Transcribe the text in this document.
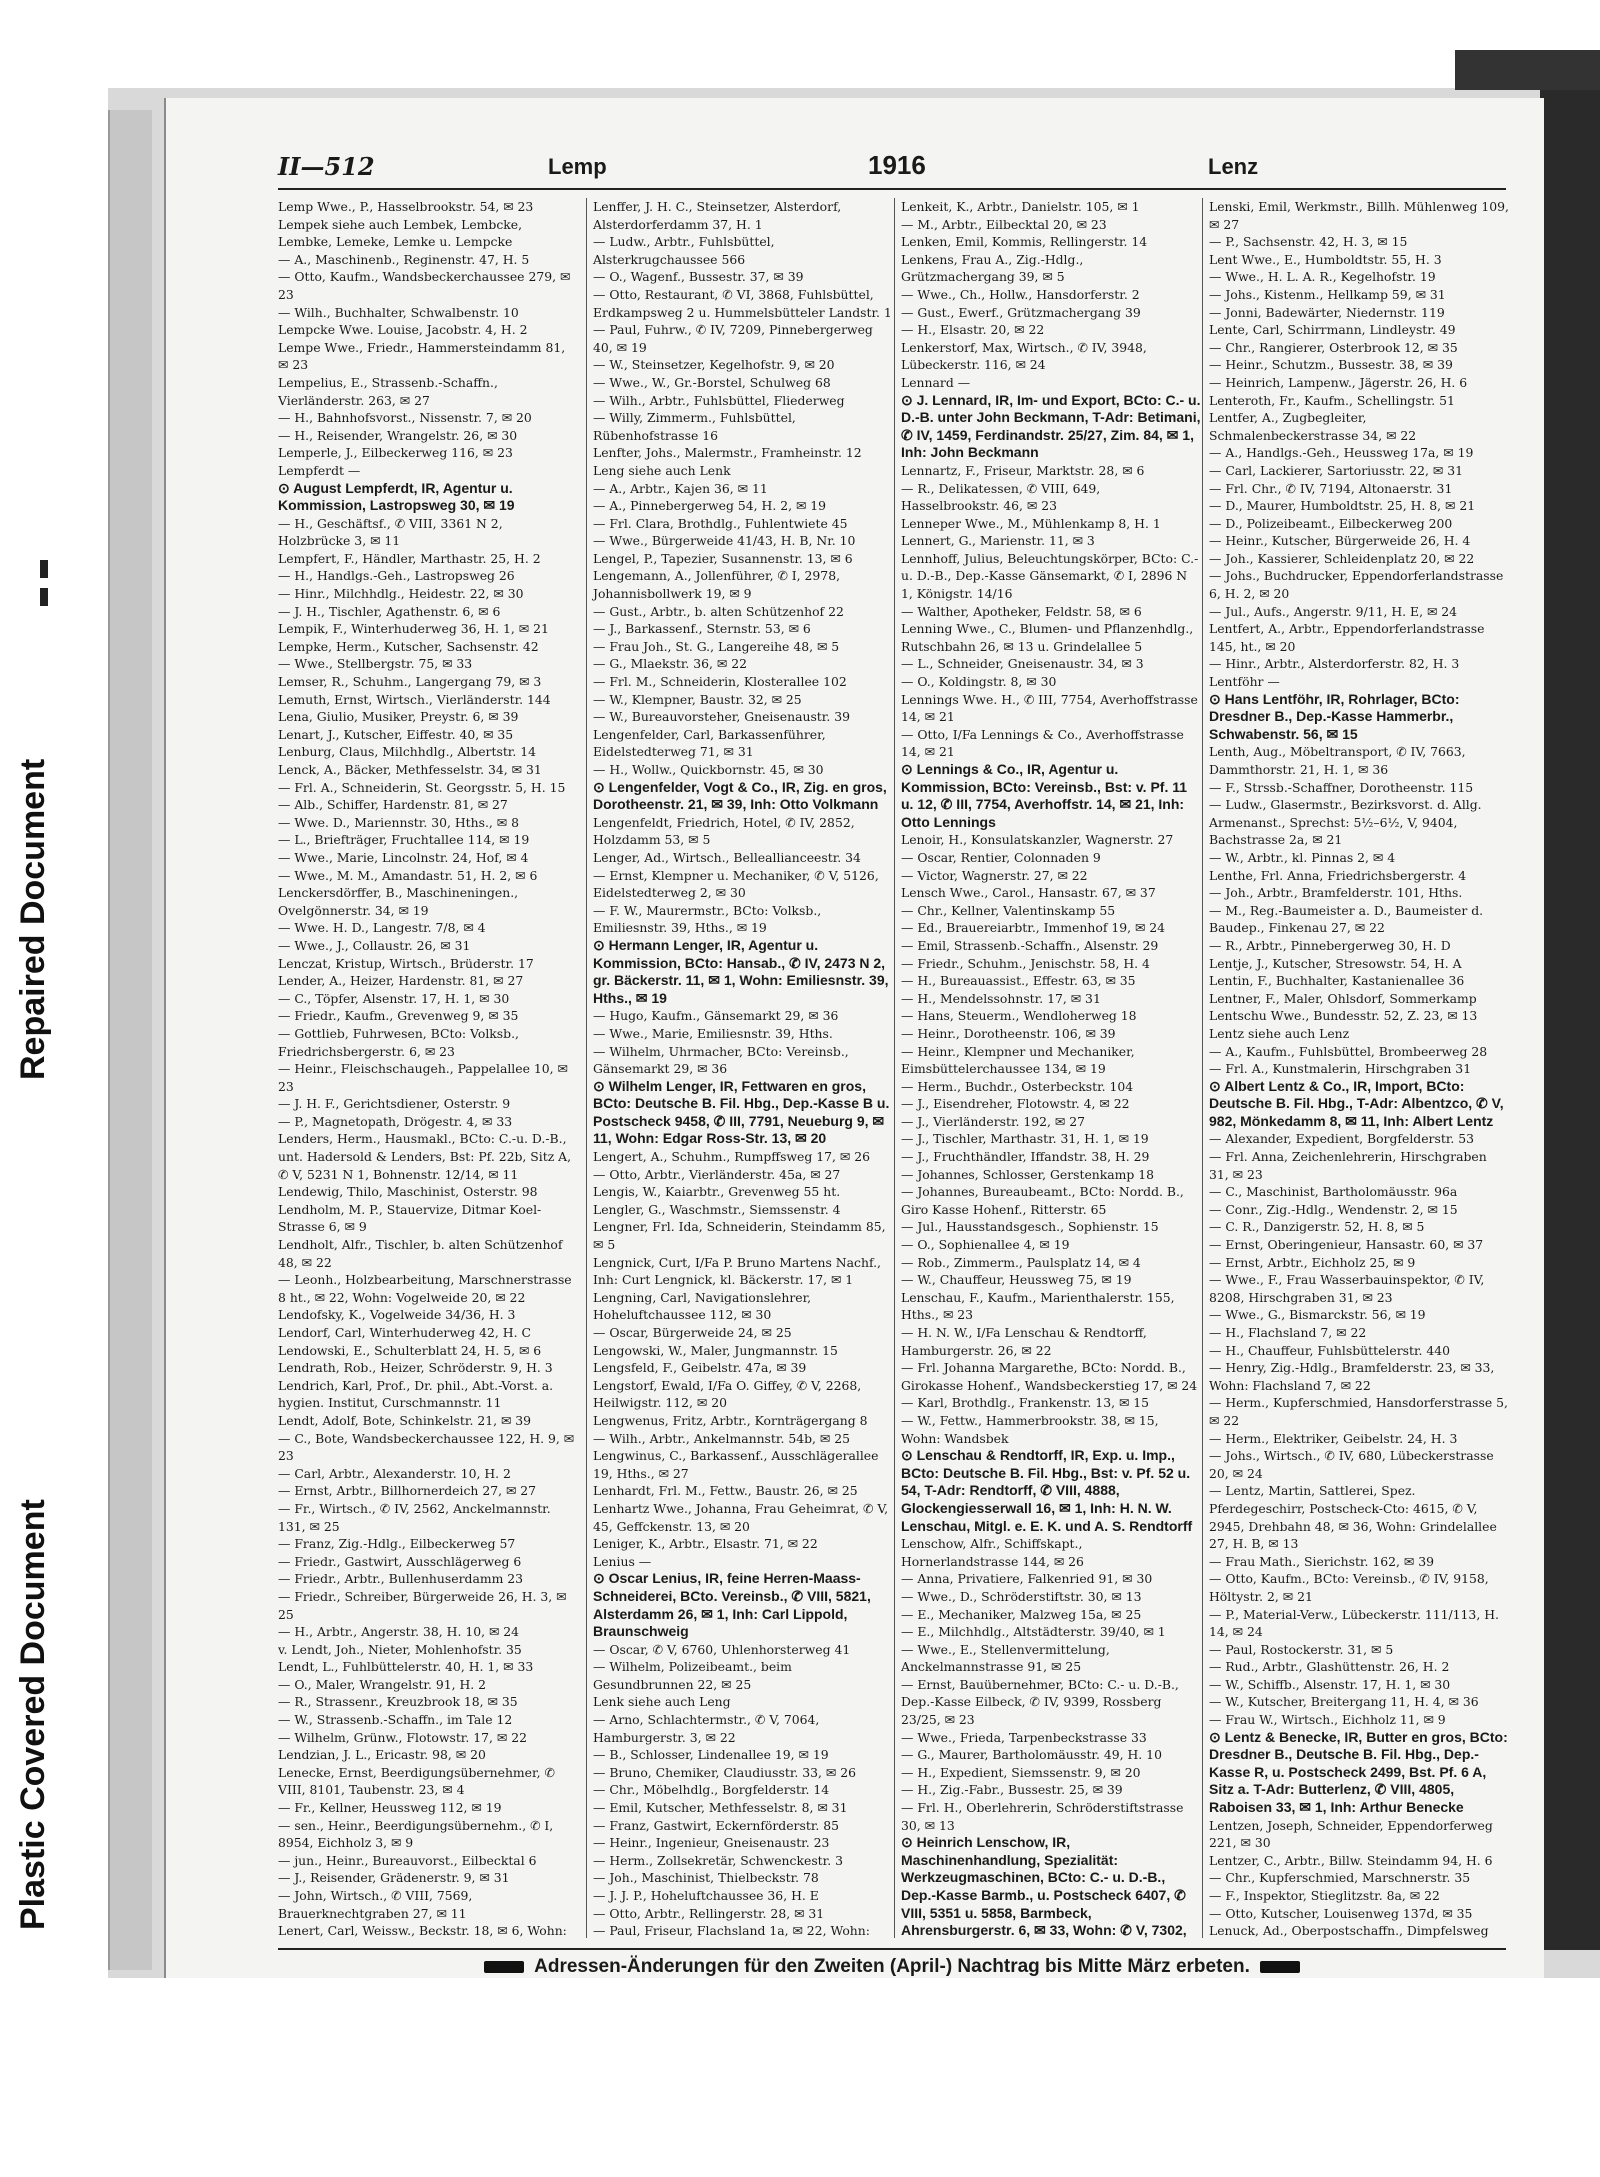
Repaired Document
Plastic Covered Document
II—512	Lemp	1916	Lenz

Lemp Wwe., P., Hasselbrookstr. 54, ✉ 23

Lempek siehe auch Lembek, Lembcke, Lembke, Lemeke, Lemke u. Lempcke

— A., Maschinenb., Reginenstr. 47, H. 5

— Otto, Kaufm., Wandsbeckerchaussee 279, ✉ 23

— Wilh., Buchhalter, Schwalbenstr. 10

Lempcke Wwe. Louise, Jacobstr. 4, H. 2

Lempe Wwe., Friedr., Hammersteindamm 81, ✉ 23

Lempelius, E., Strassenb.-Schaffn., Vierländerstr. 263, ✉ 27

— H., Bahnhofsvorst., Nissenstr. 7, ✉ 20

— H., Reisender, Wrangelstr. 26, ✉ 30

Lemperle, J., Eilbeckerweg 116, ✉ 23

Lempferdt —

⊙ August Lempferdt, IR, Agentur u. Kommission, Lastropsweg 30, ✉ 19

— H., Geschäftsf., ✆ VIII, 3361 N 2, Holzbrücke 3, ✉ 11

Lempfert, F., Händler, Marthastr. 25, H. 2

— H., Handlgs.-Geh., Lastropsweg 26

— Hinr., Milchhdlg., Heidestr. 22, ✉ 30

— J. H., Tischler, Agathenstr. 6, ✉ 6

Lempik, F., Winterhuderweg 36, H. 1, ✉ 21

Lempke, Herm., Kutscher, Sachsenstr. 42

— Wwe., Stellbergstr. 75, ✉ 33

Lemser, R., Schuhm., Langergang 79, ✉ 3

Lemuth, Ernst, Wirtsch., Vierländerstr. 144

Lena, Giulio, Musiker, Preystr. 6, ✉ 39

Lenart, J., Kutscher, Eiffestr. 40, ✉ 35

Lenburg, Claus, Milchhdlg., Albertstr. 14

Lenck, A., Bäcker, Methfesselstr. 34, ✉ 31

— Frl. A., Schneiderin, St. Georgsstr. 5, H. 15

— Alb., Schiffer, Hardenstr. 81, ✉ 27

— Wwe. D., Mariennstr. 30, Hths., ✉ 8

— L., Briefträger, Fruchtallee 114, ✉ 19

— Wwe., Marie, Lincolnstr. 24, Hof, ✉ 4

— Wwe., M. M., Amandastr. 51, H. 2, ✉ 6

Lenckersdörffer, B., Maschineningen., Ovelgönnerstr. 34, ✉ 19

— Wwe. H. D., Langestr. 7/8, ✉ 4

— Wwe., J., Collaustr. 26, ✉ 31

Lenczat, Kristup, Wirtsch., Brüderstr. 17

Lender, A., Heizer, Hardenstr. 81, ✉ 27

— C., Töpfer, Alsenstr. 17, H. 1, ✉ 30

— Friedr., Kaufm., Grevenweg 9, ✉ 35

— Gottlieb, Fuhrwesen, BCto: Volksb., Friedrichsbergerstr. 6, ✉ 23

— Heinr., Fleischschaugeh., Pappelallee 10, ✉ 23

— J. H. F., Gerichtsdiener, Osterstr. 9

— P., Magnetopath, Drögestr. 4, ✉ 33

Lenders, Herm., Hausmakl., BCto: C.-u. D.-B., unt. Hadersold & Lenders, Bst: Pf. 22b, Sitz A, ✆ V, 5231 N 1, Bohnenstr. 12/14, ✉ 11

Lendewig, Thilo, Maschinist, Osterstr. 98

Lendholm, M. P., Stauervize, Ditmar Koel-Strasse 6, ✉ 9

Lendholt, Alfr., Tischler, b. alten Schützenhof 48, ✉ 22

— Leonh., Holzbearbeitung, Marschnerstrasse 8 ht., ✉ 22, Wohn: Vogelweide 20, ✉ 22

Lendofsky, K., Vogelweide 34/36, H. 3

Lendorf, Carl, Winterhuderweg 42, H. C

Lendowski, E., Schulterblatt 24, H. 5, ✉ 6

Lendrath, Rob., Heizer, Schröderstr. 9, H. 3

Lendrich, Karl, Prof., Dr. phil., Abt.-Vorst. a. hygien. Institut, Curschmannstr. 11

Lendt, Adolf, Bote, Schinkelstr. 21, ✉ 39

— C., Bote, Wandsbeckerchaussee 122, H. 9, ✉ 23

— Carl, Arbtr., Alexanderstr. 10, H. 2

— Ernst, Arbtr., Billhornerdeich 27, ✉ 27

— Fr., Wirtsch., ✆ IV, 2562, Anckelmannstr. 131, ✉ 25

— Franz, Zig.-Hdlg., Eilbeckerweg 57

— Friedr., Gastwirt, Ausschlägerweg 6

— Friedr., Arbtr., Bullenhuserdamm 23

— Friedr., Schreiber, Bürgerweide 26, H. 3, ✉ 25

— H., Arbtr., Angerstr. 38, H. 10, ✉ 24

v. Lendt, Joh., Nieter, Mohlenhofstr. 35

Lendt, L., Fuhlbüttelerstr. 40, H. 1, ✉ 33

— O., Maler, Wrangelstr. 91, H. 2

— R., Strassenr., Kreuzbrook 18, ✉ 35

— W., Strassenb.-Schaffn., im Tale 12

— Wilhelm, Grünw., Flotowstr. 17, ✉ 22

Lendzian, J. L., Ericastr. 98, ✉ 20

Lenecke, Ernst, Beerdigungsübernehmer, ✆ VIII, 8101, Taubenstr. 23, ✉ 4

— Fr., Kellner, Heussweg 112, ✉ 19

— sen., Heinr., Beerdigungsübernehm., ✆ I, 8954, Eichholz 3, ✉ 9

— jun., Heinr., Bureauvorst., Eilbecktal 6

— J., Reisender, Grädenerstr. 9, ✉ 31

— John, Wirtsch., ✆ VIII, 7569, Brauerknechtgraben 27, ✉ 11

Lenert, Carl, Weissw., Beckstr. 18, ✉ 6, Wohn:

Lenffer, J. H. C., Steinsetzer, Alsterdorf, Alsterdorferdamm 37, H. 1

— Ludw., Arbtr., Fuhlsbüttel, Alsterkrugchaussee 566

— O., Wagenf., Bussestr. 37, ✉ 39

— Otto, Restaurant, ✆ VI, 3868, Fuhlsbüttel, Erdkampsweg 2 u. Hummelsbütteler Landstr. 1

— Paul, Fuhrw., ✆ IV, 7209, Pinnebergerweg 40, ✉ 19

— W., Steinsetzer, Kegelhofstr. 9, ✉ 20

— Wwe., W., Gr.-Borstel, Schulweg 68

— Wilh., Arbtr., Fuhlsbüttel, Fliederweg

— Willy, Zimmerm., Fuhlsbüttel, Rübenhofstrasse 16

Lenfter, Johs., Malermstr., Framheinstr. 12

Leng siehe auch Lenk

— A., Arbtr., Kajen 36, ✉ 11

— A., Pinnebergerweg 54, H. 2, ✉ 19

— Frl. Clara, Brothdlg., Fuhlentwiete 45

— Wwe., Bürgerweide 41/43, H. B, Nr. 10

Lengel, P., Tapezier, Susannenstr. 13, ✉ 6

Lengemann, A., Jollenführer, ✆ I, 2978, Johannisbollwerk 19, ✉ 9

— Gust., Arbtr., b. alten Schützenhof 22

— J., Barkassenf., Sternstr. 53, ✉ 6

— Frau Joh., St. G., Langereihe 48, ✉ 5

— G., Mlaekstr. 36, ✉ 22

— Frl. M., Schneiderin, Klosterallee 102

— W., Klempner, Baustr. 32, ✉ 25

— W., Bureauvorsteher, Gneisenaustr. 39

Lengenfelder, Carl, Barkassenführer, Eidelstedterweg 71, ✉ 31

— H., Wollw., Quickbornstr. 45, ✉ 30

⊙ Lengenfelder, Vogt & Co., IR, Zig. en gros, Dorotheenstr. 21, ✉ 39, Inh: Otto Volkmann

Lengenfeldt, Friedrich, Hotel, ✆ IV, 2852, Holzdamm 53, ✉ 5

Lenger, Ad., Wirtsch., Belleallianceestr. 34

— Ernst, Klempner u. Mechaniker, ✆ V, 5126, Eidelstedterweg 2, ✉ 30

— F. W., Maurermstr., BCto: Volksb., Emiliesnstr. 39, Hths., ✉ 19

⊙ Hermann Lenger, IR, Agentur u. Kommission, BCto: Hansab., ✆ IV, 2473 N 2, gr. Bäckerstr. 11, ✉ 1, Wohn: Emiliesnstr. 39, Hths., ✉ 19

— Hugo, Kaufm., Gänsemarkt 29, ✉ 36

— Wwe., Marie, Emiliesnstr. 39, Hths.

— Wilhelm, Uhrmacher, BCto: Vereinsb., Gänsemarkt 29, ✉ 36

⊙ Wilhelm Lenger, IR, Fettwaren en gros, BCto: Deutsche B. Fil. Hbg., Dep.-Kasse B u. Postscheck 9458, ✆ III, 7791, Neueburg 9, ✉ 11, Wohn: Edgar Ross-Str. 13, ✉ 20

Lengert, A., Schuhm., Rumpffsweg 17, ✉ 26

— Otto, Arbtr., Vierländerstr. 45a, ✉ 27

Lengis, W., Kaiarbtr., Grevenweg 55 ht.

Lengler, G., Waschmstr., Siemssenstr. 4

Lengner, Frl. Ida, Schneiderin, Steindamm 85, ✉ 5

Lengnick, Curt, I/Fa P. Bruno Martens Nachf., Inh: Curt Lengnick, kl. Bäckerstr. 17, ✉ 1

Lengning, Carl, Navigationslehrer, Hoheluftchaussee 112, ✉ 30

— Oscar, Bürgerweide 24, ✉ 25

Lengowski, W., Maler, Jungmannstr. 15

Lengsfeld, F., Geibelstr. 47a, ✉ 39

Lengstorf, Ewald, I/Fa O. Giffey, ✆ V, 2268, Heilwigstr. 112, ✉ 20

Lengwenus, Fritz, Arbtr., Kornträgergang 8

— Wilh., Arbtr., Ankelmannstr. 54b, ✉ 25

Lengwinus, C., Barkassenf., Ausschlägerallee 19, Hths., ✉ 27

Lenhardt, Frl. M., Fettw., Baustr. 26, ✉ 25

Lenhartz Wwe., Johanna, Frau Geheimrat, ✆ V, 45, Geffckenstr. 13, ✉ 20

Leniger, K., Arbtr., Elsastr. 71, ✉ 22

Lenius —

⊙ Oscar Lenius, IR, feine Herren-Maass-Schneiderei, BCto. Vereinsb., ✆ VIII, 5821, Alsterdamm 26, ✉ 1, Inh: Carl Lippold, Braunschweig

— Oscar, ✆ V, 6760, Uhlenhorsterweg 41

— Wilhelm, Polizeibeamt., beim Gesundbrunnen 22, ✉ 25

Lenk siehe auch Leng

— Arno, Schlachtermstr., ✆ V, 7064, Hamburgerstr. 3, ✉ 22

— B., Schlosser, Lindenallee 19, ✉ 19

— Bruno, Chemiker, Claudiusstr. 33, ✉ 26

— Chr., Möbelhdlg., Borgfelderstr. 14

— Emil, Kutscher, Methfesselstr. 8, ✉ 31

— Franz, Gastwirt, Eckernförderstr. 85

— Heinr., Ingenieur, Gneisenaustr. 23

— Herm., Zollsekretär, Schwenckestr. 3

— Joh., Maschinist, Thielbeckstr. 78

— J. J. P., Hoheluftchaussee 36, H. E

— Otto, Arbtr., Rellingerstr. 28, ✉ 31

— Paul, Friseur, Flachsland 1a, ✉ 22, Wohn:

Lenkeit, K., Arbtr., Danielstr. 105, ✉ 1

— M., Arbtr., Eilbecktal 20, ✉ 23

Lenken, Emil, Kommis, Rellingerstr. 14

Lenkens, Frau A., Zig.-Hdlg., Grützmachergang 39, ✉ 5

— Wwe., Ch., Hollw., Hansdorferstr. 2

— Gust., Ewerf., Grützmachergang 39

— H., Elsastr. 20, ✉ 22

Lenkerstorf, Max, Wirtsch., ✆ IV, 3948, Lübeckerstr. 116, ✉ 24

Lennard —

⊙ J. Lennard, IR, Im- und Export, BCto: C.- u. D.-B. unter John Beckmann, T-Adr: Betimani, ✆ IV, 1459, Ferdinandstr. 25/27, Zim. 84, ✉ 1, Inh: John Beckmann

Lennartz, F., Friseur, Marktstr. 28, ✉ 6

— R., Delikatessen, ✆ VIII, 649, Hasselbrookstr. 46, ✉ 23

Lenneper Wwe., M., Mühlenkamp 8, H. 1

Lennert, G., Marienstr. 11, ✉ 3

Lennhoff, Julius, Beleuchtungskörper, BCto: C.- u. D.-B., Dep.-Kasse Gänsemarkt, ✆ I, 2896 N 1, Königstr. 14/16

— Walther, Apotheker, Feldstr. 58, ✉ 6

Lenning Wwe., C., Blumen- und Pflanzenhdlg., Rutschbahn 26, ✉ 13 u. Grindelallee 5

— L., Schneider, Gneisenaustr. 34, ✉ 3

— O., Koldingstr. 8, ✉ 30

Lennings Wwe. H., ✆ III, 7754, Averhoffstrasse 14, ✉ 21

— Otto, I/Fa Lennings & Co., Averhoffstrasse 14, ✉ 21

⊙ Lennings & Co., IR, Agentur u. Kommission, BCto: Vereinsb., Bst: v. Pf. 11 u. 12, ✆ III, 7754, Averhoffstr. 14, ✉ 21, Inh: Otto Lennings

Lenoir, H., Konsulatskanzler, Wagnerstr. 27

— Oscar, Rentier, Colonnaden 9

— Victor, Wagnerstr. 27, ✉ 22

Lensch Wwe., Carol., Hansastr. 67, ✉ 37

— Chr., Kellner, Valentinskamp 55

— Ed., Brauereiarbtr., Immenhof 19, ✉ 24

— Emil, Strassenb.-Schaffn., Alsenstr. 29

— Friedr., Schuhm., Jenischstr. 58, H. 4

— H., Bureauassist., Effestr. 63, ✉ 35

— H., Mendelssohnstr. 17, ✉ 31

— Hans, Steuerm., Wendloherweg 18

— Heinr., Dorotheenstr. 106, ✉ 39

— Heinr., Klempner und Mechaniker, Eimsbüttelerchaussee 134, ✉ 19

— Herm., Buchdr., Osterbeckstr. 104

— J., Eisendreher, Flotowstr. 4, ✉ 22

— J., Vierländerstr. 192, ✉ 27

— J., Tischler, Marthastr. 31, H. 1, ✉ 19

— J., Fruchthändler, Iffandstr. 38, H. 29

— Johannes, Schlosser, Gerstenkamp 18

— Johannes, Bureaubeamt., BCto: Nordd. B., Giro Kasse Hohenf., Ritterstr. 65

— Jul., Hausstandsgesch., Sophienstr. 15

— O., Sophienallee 4, ✉ 19

— Rob., Zimmerm., Paulsplatz 14, ✉ 4

— W., Chauffeur, Heussweg 75, ✉ 19

Lenschau, F., Kaufm., Marienthalerstr. 155, Hths., ✉ 23

— H. N. W., I/Fa Lenschau & Rendtorff, Hamburgerstr. 26, ✉ 22

— Frl. Johanna Margarethe, BCto: Nordd. B., Girokasse Hohenf., Wandsbeckerstieg 17, ✉ 24

— Karl, Brothdlg., Frankenstr. 13, ✉ 15

— W., Fettw., Hammerbrookstr. 38, ✉ 15, Wohn: Wandsbek

⊙ Lenschau & Rendtorff, IR, Exp. u. Imp., BCto: Deutsche B. Fil. Hbg., Bst: v. Pf. 52 u. 54, T-Adr: Rendtorff, ✆ VIII, 4888, Glockengiesserwall 16, ✉ 1, Inh: H. N. W. Lenschau, Mitgl. e. E. K. und A. S. Rendtorff

Lenschow, Alfr., Schiffskapt., Hornerlandstrasse 144, ✉ 26

— Anna, Privatiere, Falkenried 91, ✉ 30

— Wwe., D., Schröderstiftstr. 30, ✉ 13

— E., Mechaniker, Malzweg 15a, ✉ 25

— E., Milchhdlg., Altstädterstr. 39/40, ✉ 1

— Wwe., E., Stellenvermittelung, Anckelmannstrasse 91, ✉ 25

— Ernst, Bauübernehmer, BCto: C.- u. D.-B., Dep.-Kasse Eilbeck, ✆ IV, 9399, Rossberg 23/25, ✉ 23

— Wwe., Frieda, Tarpenbeckstrasse 33

— G., Maurer, Bartholomäusstr. 49, H. 10

— H., Expedient, Siemssenstr. 9, ✉ 20

— H., Zig.-Fabr., Bussestr. 25, ✉ 39

— Frl. H., Oberlehrerin, Schröderstiftstrasse 30, ✉ 13

⊙ Heinrich Lenschow, IR, Maschinenhandlung, Spezialität: Werkzeugmaschinen, BCto: C.- u. D.-B., Dep.-Kasse Barmb., u. Postscheck 6407, ✆ VIII, 5351 u. 5858, Barmbeck, Ahrensburgerstr. 6, ✉ 33, Wohn: ✆ V, 7302,

Lenski, Emil, Werkmstr., Billh. Mühlenweg 109, ✉ 27

— P., Sachsenstr. 42, H. 3, ✉ 15

Lent Wwe., E., Humboldtstr. 55, H. 3

— Wwe., H. L. A. R., Kegelhofstr. 19

— Johs., Kistenm., Hellkamp 59, ✉ 31

— Jonni, Badewärter, Niedernstr. 119

Lente, Carl, Schirrmann, Lindleystr. 49

— Chr., Rangierer, Osterbrook 12, ✉ 35

— Heinr., Schutzm., Bussestr. 38, ✉ 39

— Heinrich, Lampenw., Jägerstr. 26, H. 6

Lenteroth, Fr., Kaufm., Schellingstr. 51

Lentfer, A., Zugbegleiter, Schmalenbeckerstrasse 34, ✉ 22

— A., Handlgs.-Geh., Heussweg 17a, ✉ 19

— Carl, Lackierer, Sartoriusstr. 22, ✉ 31

— Frl. Chr., ✆ IV, 7194, Altonaerstr. 31

— D., Maurer, Humboldtstr. 25, H. 8, ✉ 21

— D., Polizeibeamt., Eilbeckerweg 200

— Heinr., Kutscher, Bürgerweide 26, H. 4

— Joh., Kassierer, Schleidenplatz 20, ✉ 22

— Johs., Buchdrucker, Eppendorferlandstrasse 6, H. 2, ✉ 20

— Jul., Aufs., Angerstr. 9/11, H. E, ✉ 24

Lentfert, A., Arbtr., Eppendorferlandstrasse 145, ht., ✉ 20

— Hinr., Arbtr., Alsterdorferstr. 82, H. 3

Lentföhr —

⊙ Hans Lentföhr, IR, Rohrlager, BCto: Dresdner B., Dep.-Kasse Hammerbr., Schwabenstr. 56, ✉ 15

Lenth, Aug., Möbeltransport, ✆ IV, 7663, Dammthorstr. 21, H. 1, ✉ 36

— F., Strssb.-Schaffner, Dorotheenstr. 115

— Ludw., Glasermstr., Bezirksvorst. d. Allg. Armenanst., Sprechst: 5½–6½, V, 9404, Bachstrasse 2a, ✉ 21

— W., Arbtr., kl. Pinnas 2, ✉ 4

Lenthe, Frl. Anna, Friedrichsbergerstr. 4

— Joh., Arbtr., Bramfelderstr. 101, Hths.

— M., Reg.-Baumeister a. D., Baumeister d. Baudep., Finkenau 27, ✉ 22

— R., Arbtr., Pinnebergerweg 30, H. D

Lentje, J., Kutscher, Stresowstr. 54, H. A

Lentin, F., Buchhalter, Kastanienallee 36

Lentner, F., Maler, Ohlsdorf, Sommerkamp

Lentschu Wwe., Bundesstr. 52, Z. 23, ✉ 13

Lentz siehe auch Lenz

— A., Kaufm., Fuhlsbüttel, Brombeerweg 28

— Frl. A., Kunstmalerin, Hirschgraben 31

⊙ Albert Lentz & Co., IR, Import, BCto: Deutsche B. Fil. Hbg., T-Adr: Albentzco, ✆ V, 982, Mönkedamm 8, ✉ 11, Inh: Albert Lentz

— Alexander, Expedient, Borgfelderstr. 53

— Frl. Anna, Zeichenlehrerin, Hirschgraben 31, ✉ 23

— C., Maschinist, Bartholomäusstr. 96a

— Conr., Zig.-Hdlg., Wendenstr. 2, ✉ 15

— C. R., Danzigerstr. 52, H. 8, ✉ 5

— Ernst, Oberingenieur, Hansastr. 60, ✉ 37

— Ernst, Arbtr., Eichholz 25, ✉ 9

— Wwe., F., Frau Wasserbauinspektor, ✆ IV, 8208, Hirschgraben 31, ✉ 23

— Wwe., G., Bismarckstr. 56, ✉ 19

— H., Flachsland 7, ✉ 22

— H., Chauffeur, Fuhlsbüttelerstr. 440

— Henry, Zig.-Hdlg., Bramfelderstr. 23, ✉ 33, Wohn: Flachsland 7, ✉ 22

— Herm., Kupferschmied, Hansdorferstrasse 5, ✉ 22

— Herm., Elektriker, Geibelstr. 24, H. 3

— Johs., Wirtsch., ✆ IV, 680, Lübeckerstrasse 20, ✉ 24

— Lentz, Martin, Sattlerei, Spez. Pferdegeschirr, Postscheck-Cto: 4615, ✆ V, 2945, Drehbahn 48, ✉ 36, Wohn: Grindelallee 27, H. B, ✉ 13

— Frau Math., Sierichstr. 162, ✉ 39

— Otto, Kaufm., BCto: Vereinsb., ✆ IV, 9158, Höltystr. 2, ✉ 21

— P., Material-Verw., Lübeckerstr. 111/113, H. 14, ✉ 24

— Paul, Rostockerstr. 31, ✉ 5

— Rud., Arbtr., Glashüttenstr. 26, H. 2

— W., Schiffb., Alsenstr. 17, H. 1, ✉ 30

— W., Kutscher, Breitergang 11, H. 4, ✉ 36

— Frau W., Wirtsch., Eichholz 11, ✉ 9

⊙ Lentz & Benecke, IR, Butter en gros, BCto: Dresdner B., Deutsche B. Fil. Hbg., Dep.-Kasse R, u. Postscheck 2499, Bst. Pf. 6 A, Sitz a. T-Adr: Butterlenz, ✆ VIII, 4805, Raboisen 33, ✉ 1, Inh: Arthur Benecke

Lentzen, Joseph, Schneider, Eppendorferweg 221, ✉ 30

Lentzer, C., Arbtr., Billw. Steindamm 94, H. 6

— Chr., Kupferschmied, Marschnerstr. 35

— F., Inspektor, Stieglitzstr. 8a, ✉ 22

— Otto, Kutscher, Louisenweg 137d, ✉ 35

Lenuck, Ad., Oberpostschaffn., Dimpfelsweg

Adressen-Änderungen für den Zweiten (April-) Nachtrag bis Mitte März erbeten.
